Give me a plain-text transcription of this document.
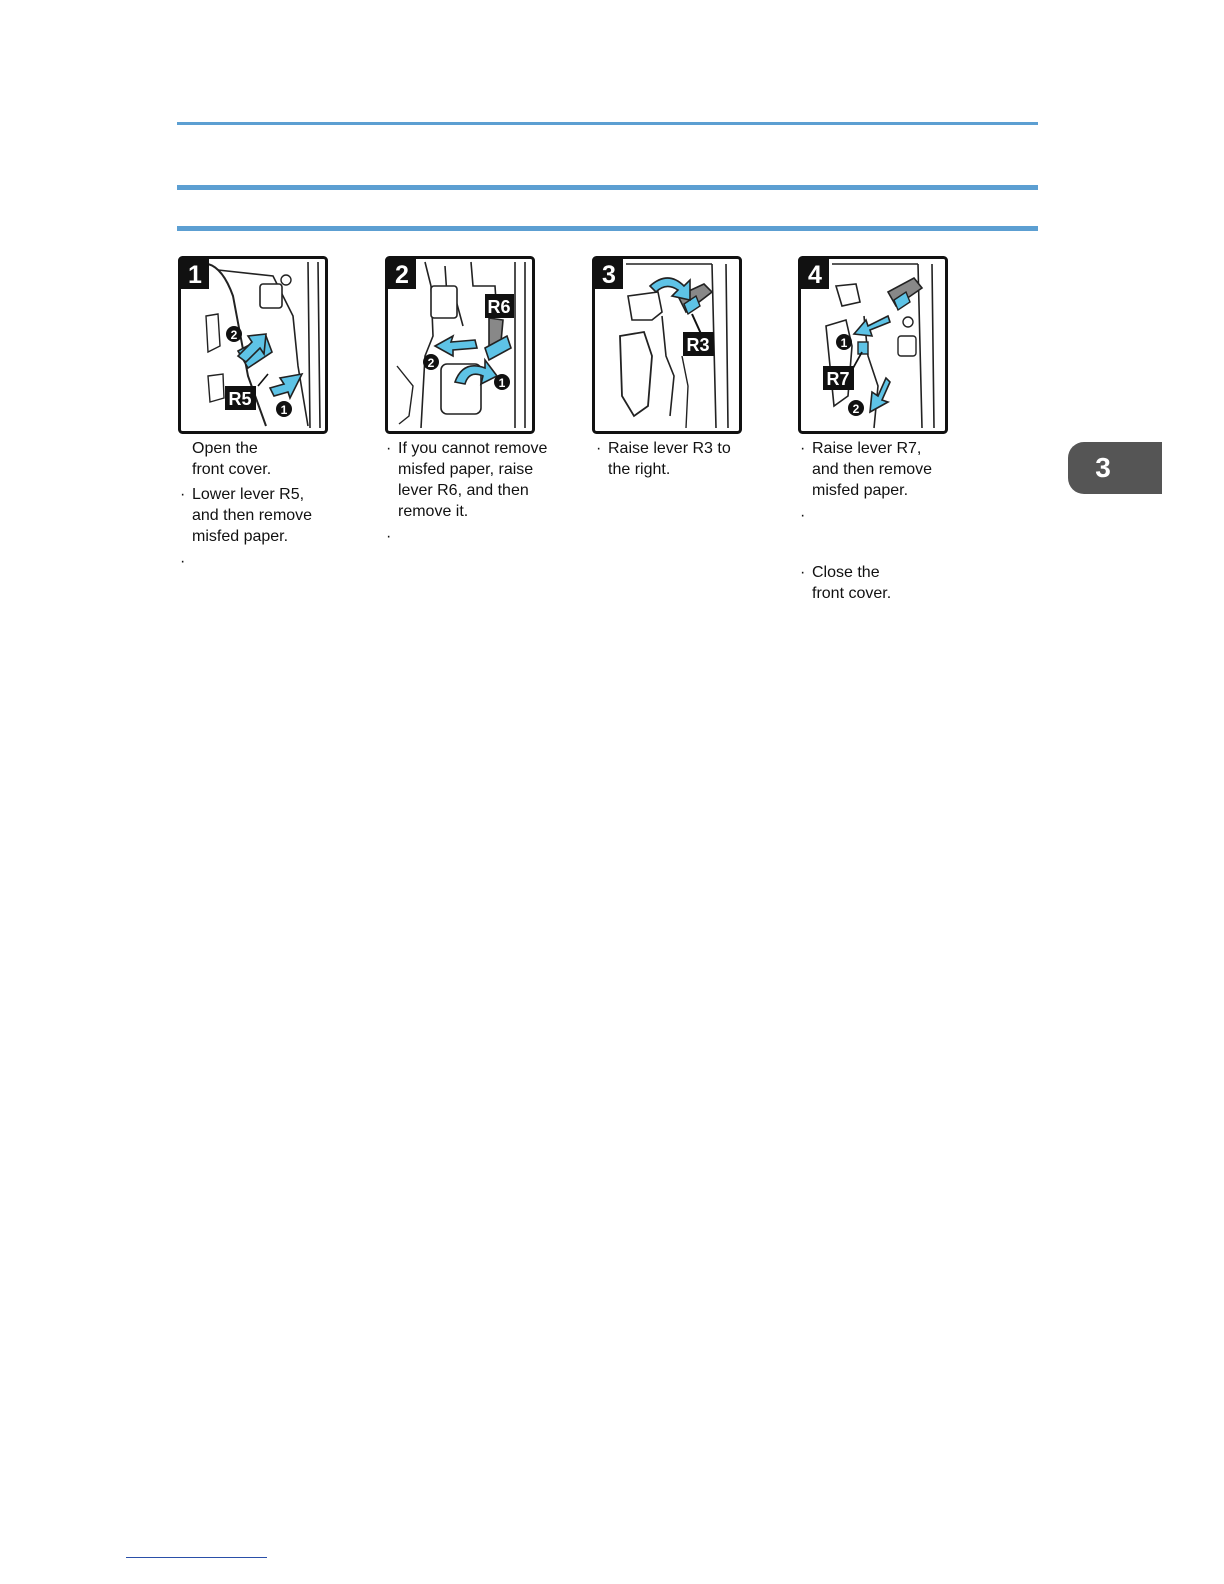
1
2
1
R5
2
R6
2
1
3
R3
4
1
R7
2
Open the
front cover.
· Lower lever R5,
and then remove
misfed paper.
·
· If you cannot remove
misfed paper, raise
lever R6, and then
remove it.
·
· Raise lever R3 to
the right.
· Raise lever R7,
and then remove
misfed paper.
·
· Close the
front cover.
3
